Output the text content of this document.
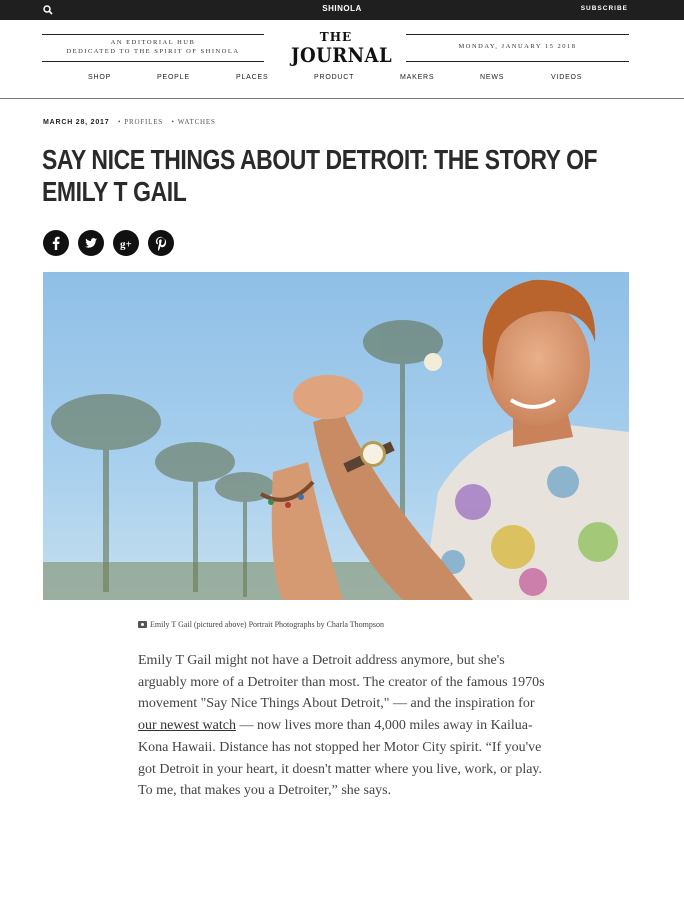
SHINOLA	SUBSCRIBE
AN EDITORIAL HUB
DEDICATED TO THE SPIRIT OF SHINOLA
THE
JOURNAL	MONDAY, JANUARY 15 2018
SHOP	PEOPLE	PLACES	PRODUCT	MAKERS	NEWS	VIDEOS
MARCH 28, 2017 • PROFILES • WATCHES
SAY NICE THINGS ABOUT DETROIT: THE STORY OF EMILY T GAIL
g+
Emily T Gail (pictured above) Portrait Photographs by Charla Thompson

Emily T Gail might not have a Detroit address anymore, but she's arguably more of a Detroiter than most. The creator of the famous 1970s movement "Say Nice Things About Detroit," — and the inspiration for our newest watch — now lives more than 4,000 miles away in Kailua-Kona Hawaii. Distance has not stopped her Motor City spirit. “If you've got Detroit in your heart, it doesn't matter where you live, work, or play. To me, that makes you a Detroiter,” she says.
